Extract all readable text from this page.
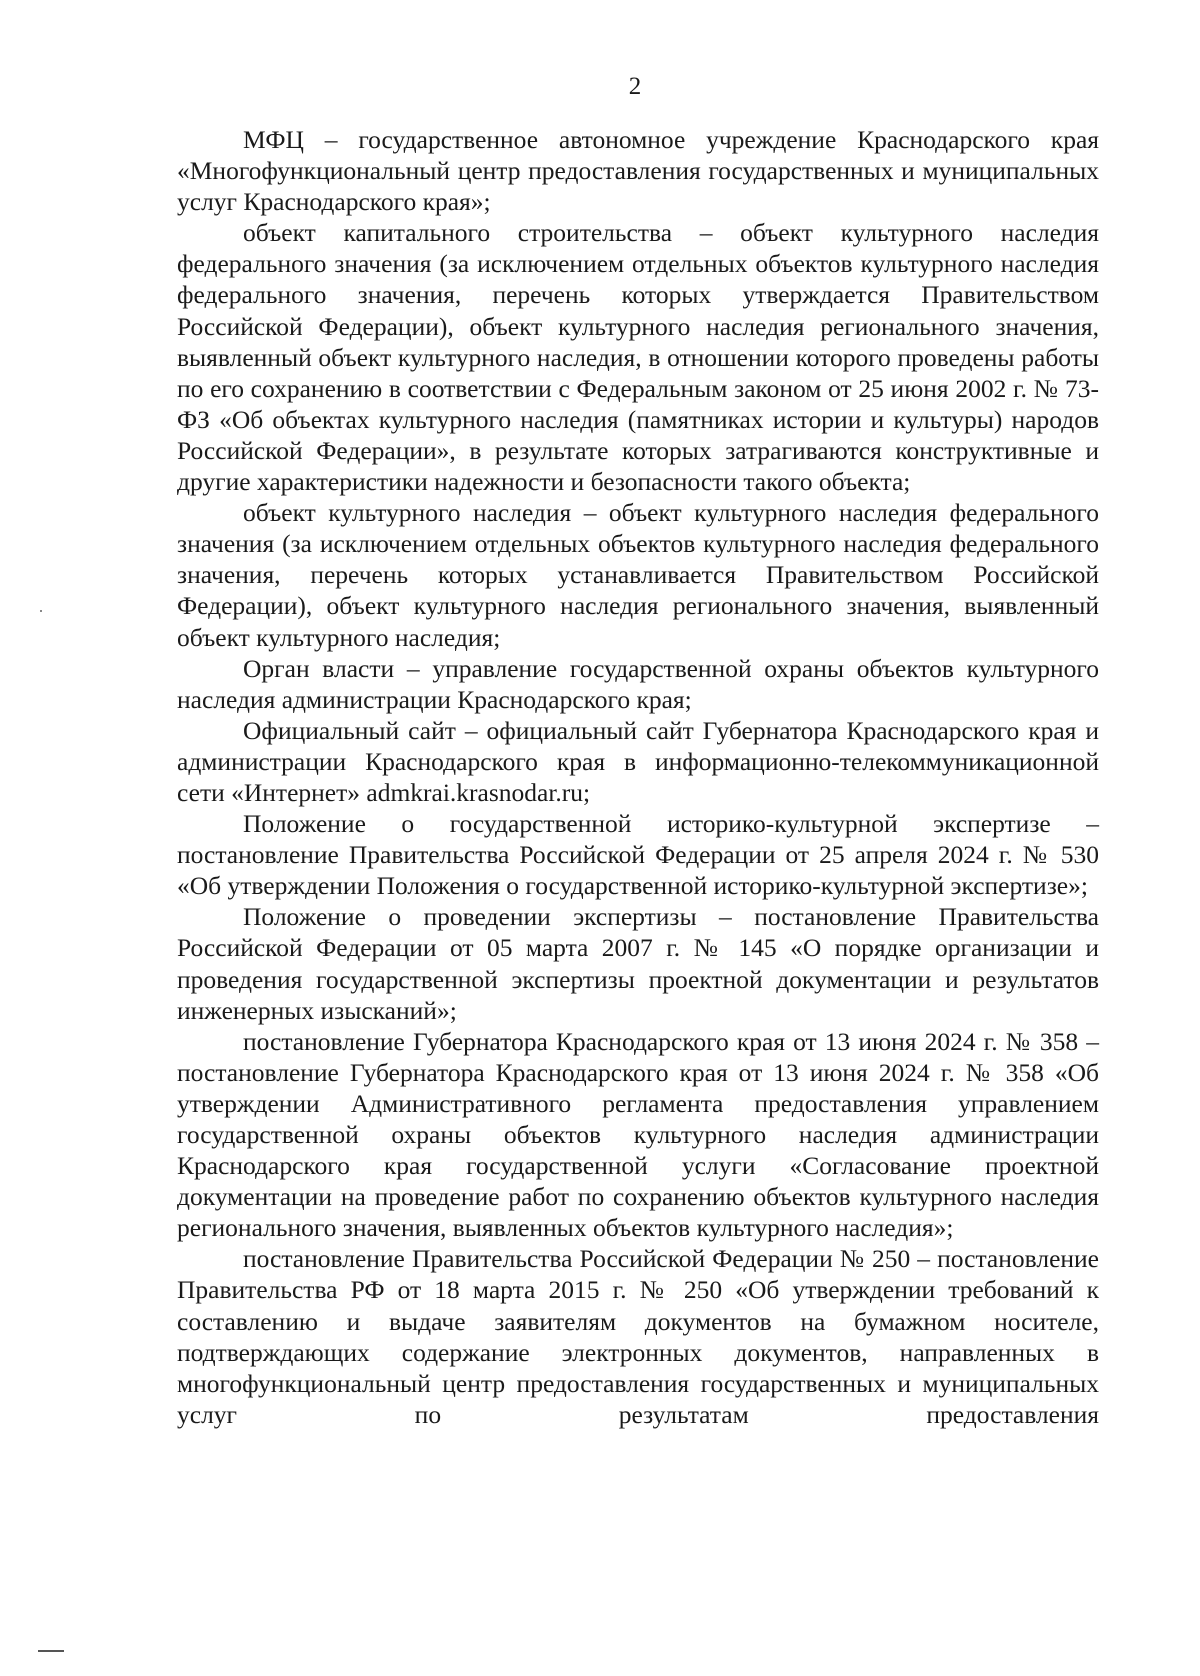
2

МФЦ – государственное автономное учреждение Краснодарского края «Многофункциональный центр предоставления государственных и муниципальных услуг Краснодарского края»;

объект капитального строительства – объект культурного наследия федерального значения (за исключением отдельных объектов культурного наследия федерального значения, перечень которых утверждается Правительством Российской Федерации), объект культурного наследия регионального значения, выявленный объект культурного наследия, в отношении которого проведены работы по его сохранению в соответствии с Федеральным законом от 25 июня 2002 г. № 73-ФЗ «Об объектах культурного наследия (памятниках истории и культуры) народов Российской Федерации», в результате которых затрагиваются конструктивные и другие характеристики надежности и безопасности такого объекта;

объект культурного наследия – объект культурного наследия федерального значения (за исключением отдельных объектов культурного наследия федерального значения, перечень которых устанавливается Правительством Российской Федерации), объект культурного наследия регионального значения, выявленный объект культурного наследия;

Орган власти – управление государственной охраны объектов культурного наследия администрации Краснодарского края;

Официальный сайт – официальный сайт Губернатора Краснодарского края и администрации Краснодарского края в информационно-телекоммуникационной сети «Интернет» admkrai.krasnodar.ru;

Положение о государственной историко-культурной экспертизе – постановление Правительства Российской Федерации от 25 апреля 2024 г. № 530 «Об утверждении Положения о государственной историко-культурной экспертизе»;

Положение о проведении экспертизы – постановление Правительства Российской Федерации от 05 марта 2007 г. № 145 «О порядке организации и проведения государственной экспертизы проектной документации и результатов инженерных изысканий»;

постановление Губернатора Краснодарского края от 13 июня 2024 г. № 358 – постановление Губернатора Краснодарского края от 13 июня 2024 г. № 358 «Об утверждении Административного регламента предоставления управлением государственной охраны объектов культурного наследия администрации Краснодарского края государственной услуги «Согласование проектной документации на проведение работ по сохранению объектов культурного наследия регионального значения, выявленных объектов культурного наследия»;

постановление Правительства Российской Федерации № 250 – постановление Правительства РФ от 18 марта 2015 г. № 250 «Об утверждении требований к составлению и выдаче заявителям документов на бумажном носителе, подтверждающих содержание электронных документов, направленных в многофункциональный центр предоставления государственных и муниципальных услуг по результатам предоставления
